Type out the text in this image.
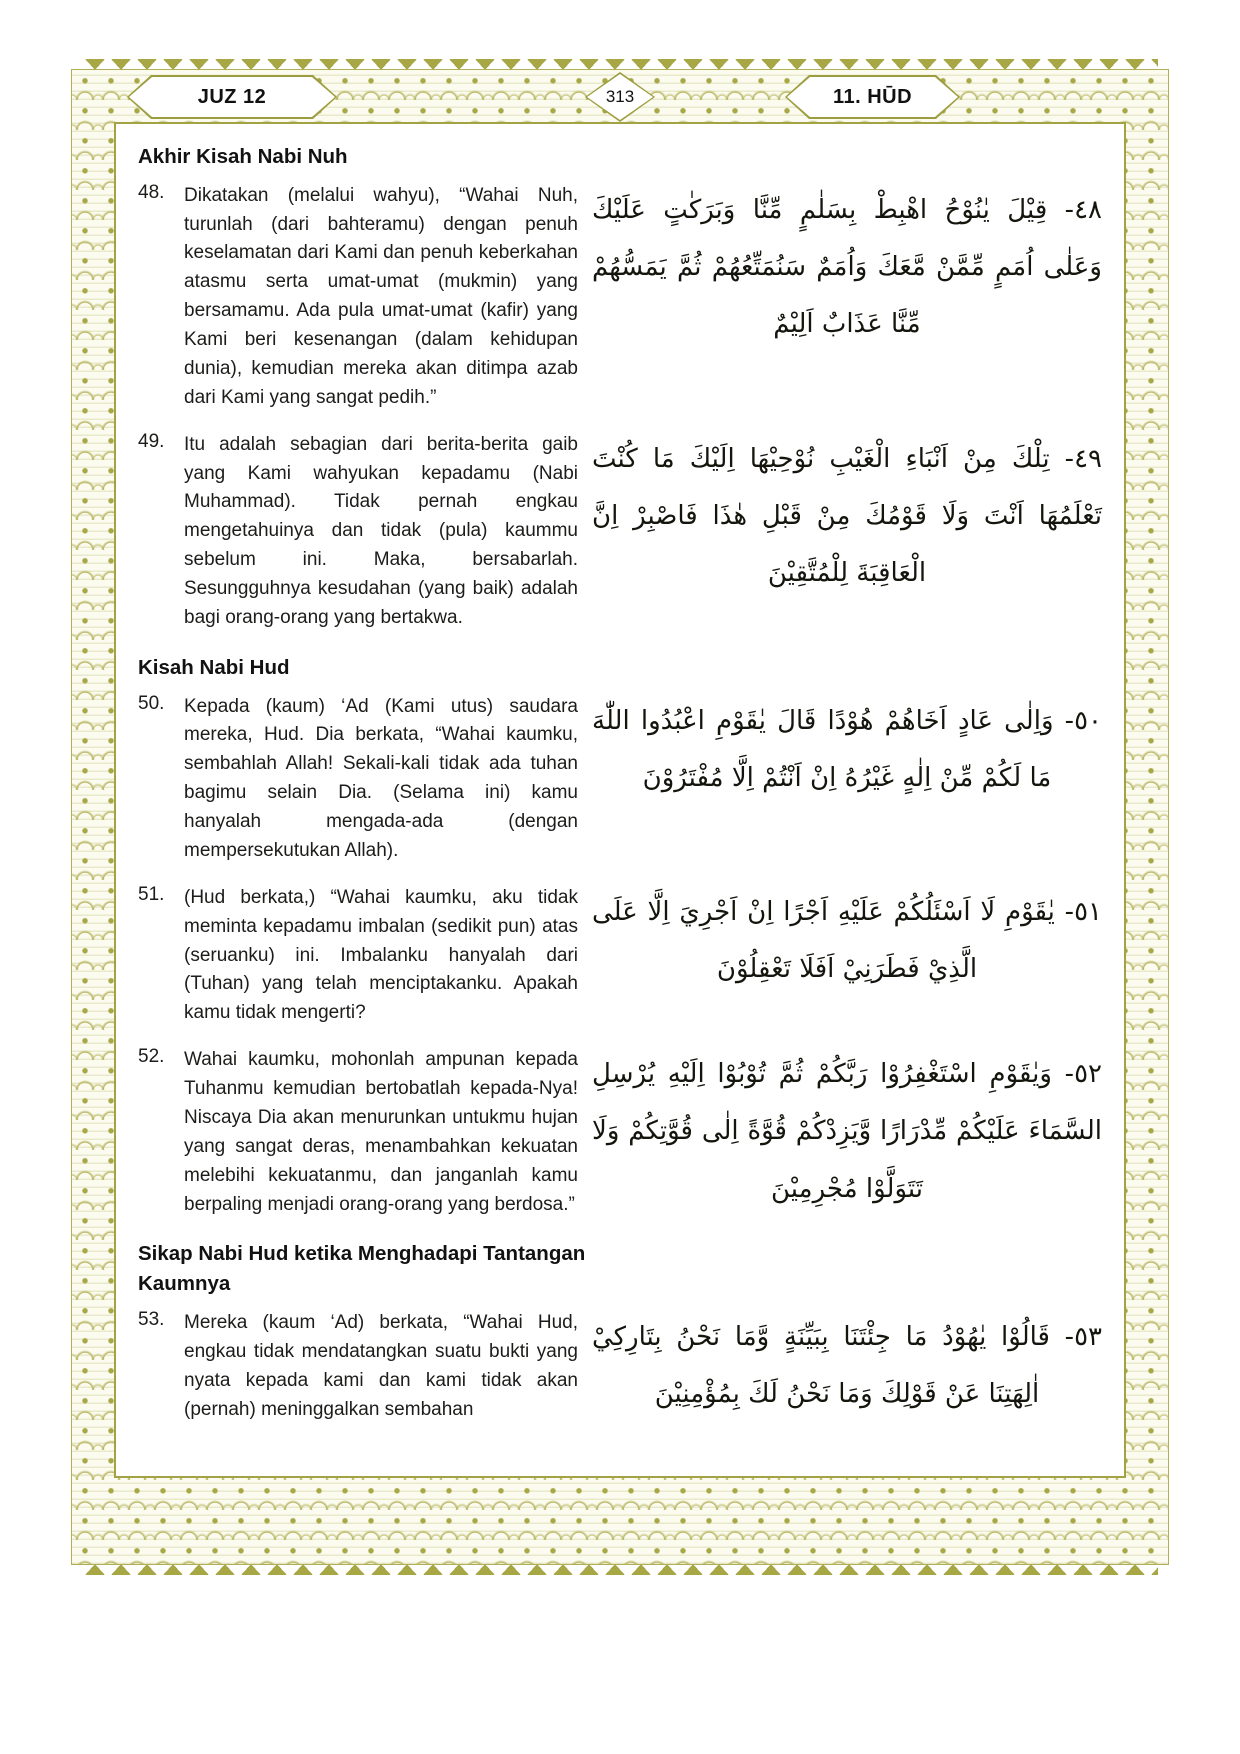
JUZ 12	313	11. HŪD
Akhir Kisah Nabi Nuh
48. Dikatakan (melalui wahyu), “Wahai Nuh, turunlah (dari bahteramu) dengan penuh keselamatan dari Kami dan penuh keberkahan atasmu serta umat-umat (mukmin) yang bersamamu. Ada pula umat-umat (kafir) yang Kami beri kesenangan (dalam kehidupan dunia), kemudian mereka akan ditimpa azab dari Kami yang sangat pedih.”

٤٨- قِيْلَ يٰنُوْحُ اهْبِطْ بِسَلٰمٍ مِّنَّا وَبَرَكٰتٍ عَلَيْكَ وَعَلٰى اُمَمٍ مِّمَّنْ مَّعَكَ وَاُمَمٌ سَنُمَتِّعُهُمْ ثُمَّ يَمَسُّهُمْ مِّنَّا عَذَابٌ اَلِيْمٌ
49. Itu adalah sebagian dari berita-berita gaib yang Kami wahyukan kepadamu (Nabi Muhammad). Tidak pernah engkau mengetahuinya dan tidak (pula) kaummu sebelum ini. Maka, bersabarlah. Sesungguhnya kesudahan (yang baik) adalah bagi orang-orang yang bertakwa.

٤٩- تِلْكَ مِنْ اَنْبَاءِ الْغَيْبِ نُوْحِيْهَا اِلَيْكَ مَا كُنْتَ تَعْلَمُهَا اَنْتَ وَلَا قَوْمُكَ مِنْ قَبْلِ هٰذَا فَاصْبِرْ اِنَّ الْعَاقِبَةَ لِلْمُتَّقِيْنَ
Kisah Nabi Hud
50. Kepada (kaum) ‘Ad (Kami utus) saudara mereka, Hud. Dia berkata, “Wahai kaumku, sembahlah Allah! Sekali-kali tidak ada tuhan bagimu selain Dia. (Selama ini) kamu hanyalah mengada-ada (dengan mempersekutukan Allah).

٥٠- وَاِلٰى عَادٍ اَخَاهُمْ هُوْدًا قَالَ يٰقَوْمِ اعْبُدُوا اللّٰهَ مَا لَكُمْ مِّنْ اِلٰهٍ غَيْرُهُ اِنْ اَنْتُمْ اِلَّا مُفْتَرُوْنَ
51. (Hud berkata,) “Wahai kaumku, aku tidak meminta kepadamu imbalan (sedikit pun) atas (seruanku) ini. Imbalanku hanyalah dari (Tuhan) yang telah menciptakanku. Apakah kamu tidak mengerti?

٥١- يٰقَوْمِ لَا اَسْئَلُكُمْ عَلَيْهِ اَجْرًا اِنْ اَجْرِيَ اِلَّا عَلَى الَّذِيْ فَطَرَنِيْ اَفَلَا تَعْقِلُوْنَ
52. Wahai kaumku, mohonlah ampunan kepada Tuhanmu kemudian bertobatlah kepada-Nya! Niscaya Dia akan menurunkan untukmu hujan yang sangat deras, menambahkan kekuatan melebihi kekuatanmu, dan janganlah kamu berpaling menjadi orang-orang yang berdosa.”

٥٢- وَيٰقَوْمِ اسْتَغْفِرُوْا رَبَّكُمْ ثُمَّ تُوْبُوْا اِلَيْهِ يُرْسِلِ السَّمَاءَ عَلَيْكُمْ مِّدْرَارًا وَّيَزِدْكُمْ قُوَّةً اِلٰى قُوَّتِكُمْ وَلَا تَتَوَلَّوْا مُجْرِمِيْنَ
Sikap Nabi Hud ketika Menghadapi Tantangan Kaumnya
53. Mereka (kaum ‘Ad) berkata, “Wahai Hud, engkau tidak mendatangkan suatu bukti yang nyata kepada kami dan kami tidak akan (pernah) meninggalkan sembahan

٥٣- قَالُوْا يٰهُوْدُ مَا جِئْتَنَا بِبَيِّنَةٍ وَّمَا نَحْنُ بِتَارِكِيْ اٰلِهَتِنَا عَنْ قَوْلِكَ وَمَا نَحْنُ لَكَ بِمُؤْمِنِيْنَ
